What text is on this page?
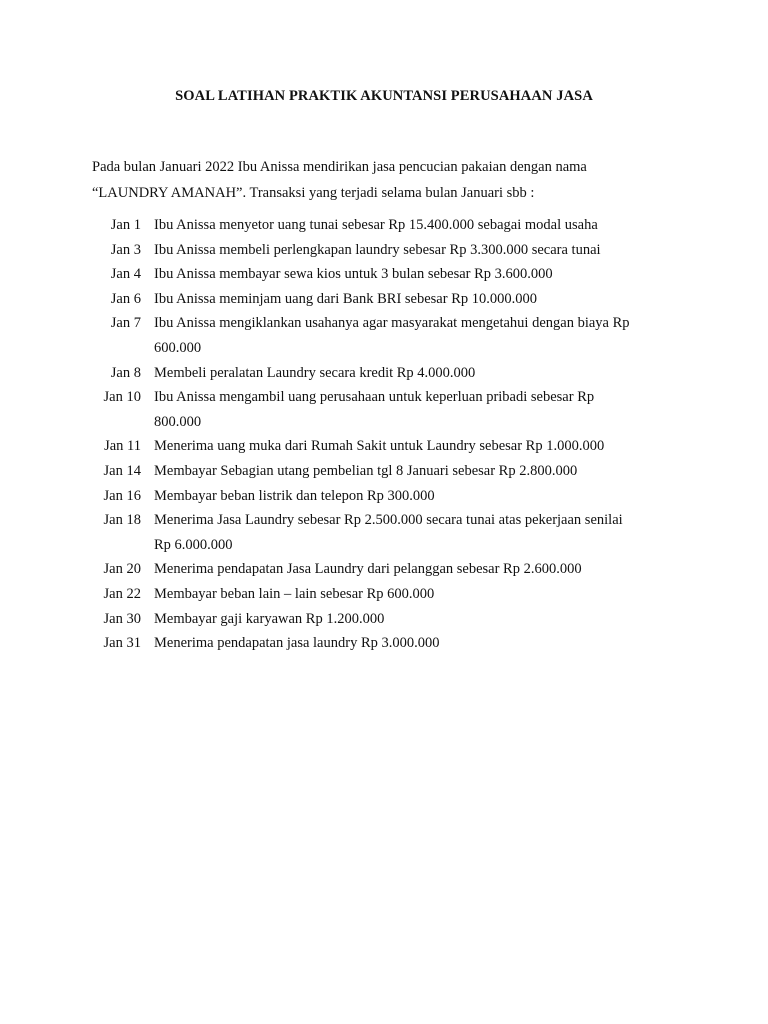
SOAL LATIHAN PRAKTIK AKUNTANSI PERUSAHAAN JASA

Pada bulan Januari 2022 Ibu Anissa mendirikan jasa pencucian pakaian dengan nama

“LAUNDRY AMANAH”. Transaksi yang terjadi selama bulan Januari sbb :

Jan 1 Ibu Anissa menyetor uang tunai sebesar Rp 15.400.000 sebagai modal usaha
Jan 3 Ibu Anissa membeli perlengkapan laundry sebesar Rp 3.300.000 secara tunai
Jan 4 Ibu Anissa membayar sewa kios untuk 3 bulan sebesar Rp 3.600.000
Jan 6 Ibu Anissa meminjam uang dari Bank BRI sebesar Rp 10.000.000
Jan 7 Ibu Anissa mengiklankan usahanya agar masyarakat mengetahui dengan biaya Rp
600.000
Jan 8 Membeli peralatan Laundry secara kredit Rp 4.000.000
Jan 10 Ibu Anissa mengambil uang perusahaan untuk keperluan pribadi sebesar Rp
800.000
Jan 11 Menerima uang muka dari Rumah Sakit untuk Laundry sebesar Rp 1.000.000
Jan 14 Membayar Sebagian utang pembelian tgl 8 Januari sebesar Rp 2.800.000
Jan 16 Membayar beban listrik dan telepon Rp 300.000
Jan 18 Menerima Jasa Laundry sebesar Rp 2.500.000 secara tunai atas pekerjaan senilai
Rp 6.000.000
Jan 20 Menerima pendapatan Jasa Laundry dari pelanggan sebesar Rp 2.600.000
Jan 22 Membayar beban lain – lain sebesar Rp 600.000
Jan 30 Membayar gaji karyawan Rp 1.200.000
Jan 31 Menerima pendapatan jasa laundry Rp 3.000.000
